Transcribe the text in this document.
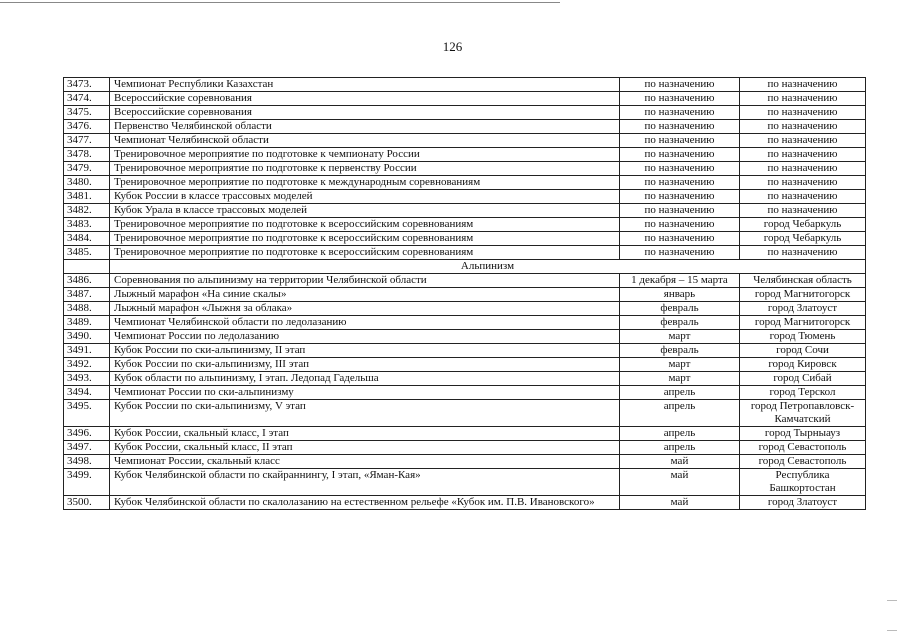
126
3473.	Чемпионат Республики Казахстан	по назначению	по назначению
3474.	Всероссийские соревнования	по назначению	по назначению
3475.	Всероссийские соревнования	по назначению	по назначению
3476.	Первенство Челябинской области	по назначению	по назначению
3477.	Чемпионат Челябинской области	по назначению	по назначению
3478.	Тренировочное мероприятие по подготовке к чемпионату России	по назначению	по назначению
3479.	Тренировочное мероприятие по подготовке к первенству России	по назначению	по назначению
3480.	Тренировочное мероприятие по подготовке к международным соревнованиям	по назначению	по назначению
3481.	Кубок России в классе трассовых моделей	по назначению	по назначению
3482.	Кубок Урала в классе трассовых моделей	по назначению	по назначению
3483.	Тренировочное мероприятие по подготовке к всероссийским соревнованиям	по назначению	город Чебаркуль
3484.	Тренировочное мероприятие по подготовке к всероссийским соревнованиям	по назначению	город Чебаркуль
3485.	Тренировочное мероприятие по подготовке к всероссийским соревнованиям	по назначению	по назначению
	Альпинизм		
3486.	Соревнования по альпинизму на территории Челябинской области	1 декабря – 15 марта	Челябинская область
3487.	Лыжный марафон «На синие скалы»	январь	город Магнитогорск
3488.	Лыжный марафон «Лыжня за облака»	февраль	город Златоуст
3489.	Чемпионат Челябинской области по ледолазанию	февраль	город Магнитогорск
3490.	Чемпионат России по ледолазанию	март	город Тюмень
3491.	Кубок России по ски-альпинизму, II этап	февраль	город Сочи
3492.	Кубок России по ски-альпинизму, III этап	март	город Кировск
3493.	Кубок области по альпинизму, I этап. Ледопад Гадельша	март	город Сибай
3494.	Чемпионат России по ски-альпинизму	апрель	город Терскол
3495.	Кубок России по ски-альпинизму, V этап	апрель	город Петропавловск-Камчатский
3496.	Кубок России, скальный класс, I этап	апрель	город Тырныауз
3497.	Кубок России, скальный класс, II этап	апрель	город Севастополь
3498.	Чемпионат России, скальный класс	май	город Севастополь
3499.	Кубок Челябинской области по скайраннингу, I этап, «Яман-Кая»	май	Республика Башкортостан
3500.	Кубок Челябинской области по скалолазанию на естественном рельефе «Кубок им. П.В. Ивановского»	май	город Златоуст
